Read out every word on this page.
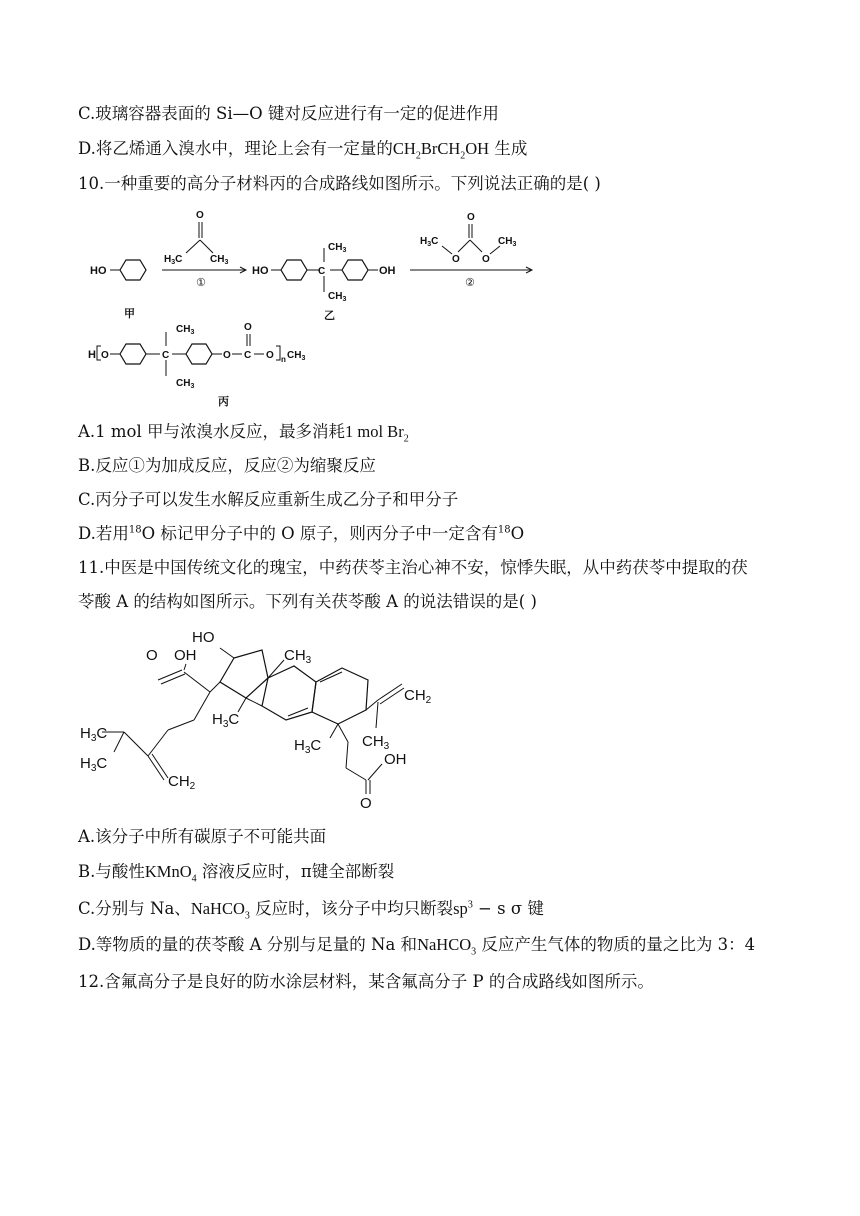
C.玻璃容器表面的 Si—O 键对反应进行有一定的促进作用
D.将乙烯通入溴水中，理论上会有一定量的$CH_2BrCH_2OH$ 生成
10.一种重要的高分子材料丙的合成路线如图所示。下列说法正确的是( )
HO
甲
O
$H_3C$	$CH_3$
①
HO	C
$CH_3$
$CH_3$
OH
乙
O
O O
$H_3C$	$CH_3$
②
H O	C
$CH_3$
$CH_3$
O C
O
O n $CH_3$
丙
A.1 mol 甲与浓溴水反应，最多消耗1 mol $Br_2$
B.反应①为加成反应，反应②为缩聚反应
C.丙分子可以发生水解反应重新生成乙分子和甲分子
D.若用$^{18}$O 标记甲分子中的 O 原子，则丙分子中一定含有$^{18}$O
11.中医是中国传统文化的瑰宝，中药茯苓主治心神不安，惊悸失眠，从中药茯苓中提取的茯
苓酸 A 的结构如图所示。下列有关茯苓酸 A 的说法错误的是( )
O OH
$H_3C$
$H_3C$
$CH_2$
HO
$CH_3$
$H_3C$
$H_3C$
$CH_2$
$CH_3$
OH
O
A.该分子中所有碳原子不可能共面
B.与酸性KMnO$_4$ 溶液反应时，π键全部断裂
C.分别与 Na、NaHCO$_3$ 反应时，该分子中均只断裂$sp^3 - s$ σ 键
D.等物质的量的茯苓酸 A 分别与足量的 Na 和NaHCO$_3$ 反应产生气体的物质的量之比为 3：4
12.含氟高分子是良好的防水涂层材料，某含氟高分子 P 的合成路线如图所示。
